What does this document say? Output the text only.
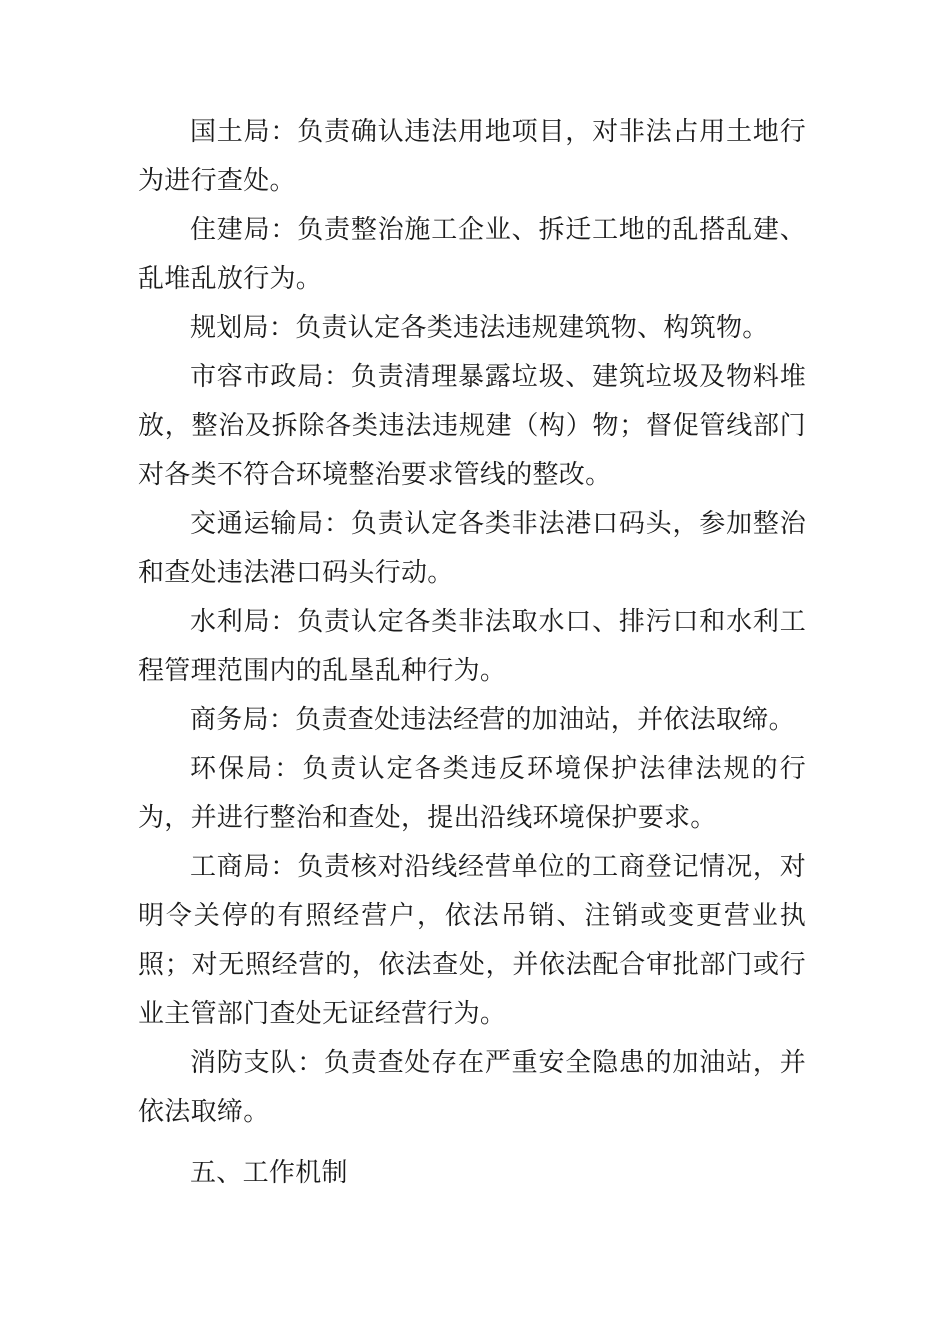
国土局：负责确认违法用地项目，对非法占用土地行为进行查处。

住建局：负责整治施工企业、拆迁工地的乱搭乱建、乱堆乱放行为。

规划局：负责认定各类违法违规建筑物、构筑物。

市容市政局：负责清理暴露垃圾、建筑垃圾及物料堆放，整治及拆除各类违法违规建（构）物；督促管线部门对各类不符合环境整治要求管线的整改。

交通运输局：负责认定各类非法港口码头，参加整治和查处违法港口码头行动。

水利局：负责认定各类非法取水口、排污口和水利工程管理范围内的乱垦乱种行为。

商务局：负责查处违法经营的加油站，并依法取缔。

环保局：负责认定各类违反环境保护法律法规的行为，并进行整治和查处，提出沿线环境保护要求。

工商局：负责核对沿线经营单位的工商登记情况，对明令关停的有照经营户，依法吊销、注销或变更营业执照；对无照经营的，依法查处，并依法配合审批部门或行业主管部门查处无证经营行为。

消防支队：负责查处存在严重安全隐患的加油站，并依法取缔。

五、工作机制
